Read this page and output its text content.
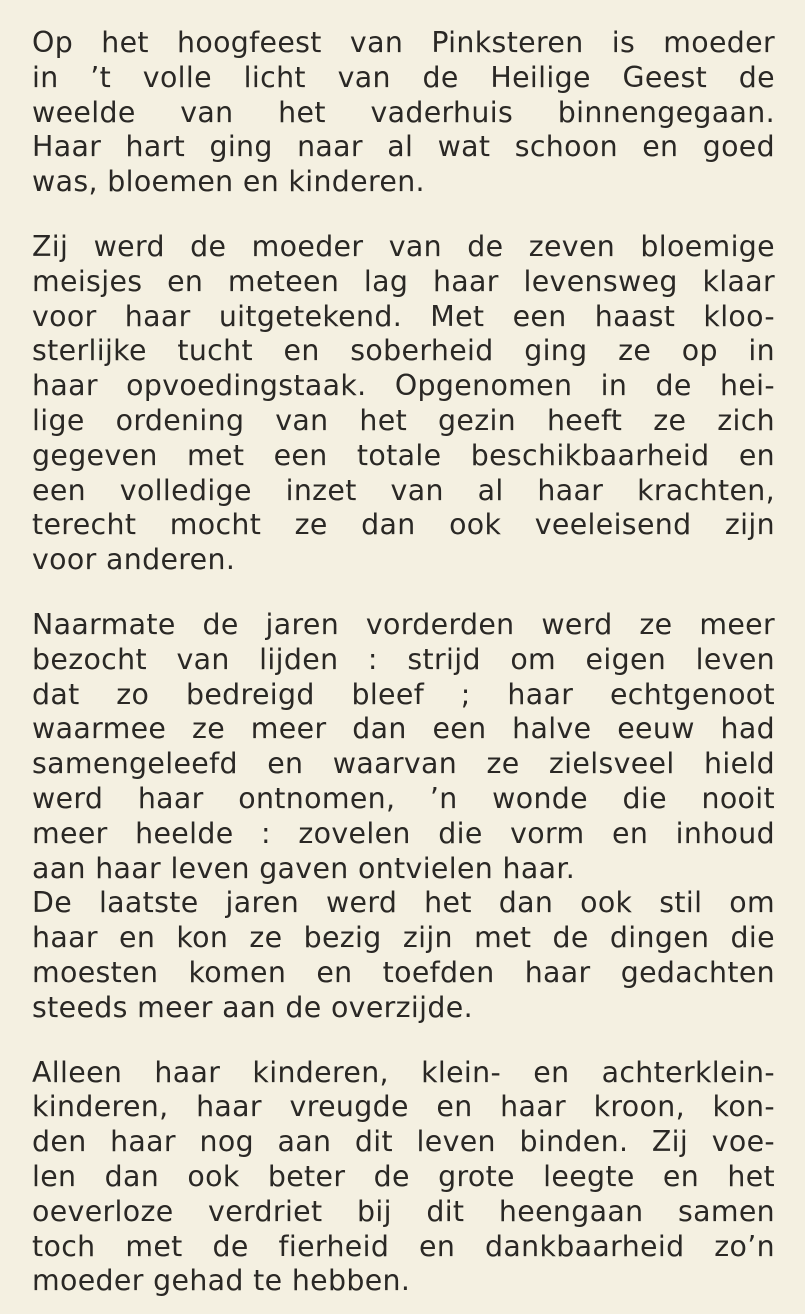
Op het hoogfeest van Pinksteren is moeder
in ’t volle licht van de Heilige Geest de
weelde van het vaderhuis binnengegaan.
Haar hart ging naar al wat schoon en goed
was, bloemen en kinderen.

Zij werd de moeder van de zeven bloemige
meisjes en meteen lag haar levensweg klaar
voor haar uitgetekend. Met een haast kloo-
sterlijke tucht en soberheid ging ze op in
haar opvoedingstaak. Opgenomen in de hei-
lige ordening van het gezin heeft ze zich
gegeven met een totale beschikbaarheid en
een volledige inzet van al haar krachten,
terecht mocht ze dan ook veeleisend zijn
voor anderen.

Naarmate de jaren vorderden werd ze meer
bezocht van lijden : strijd om eigen leven
dat zo bedreigd bleef ; haar echtgenoot
waarmee ze meer dan een halve eeuw had
samengeleefd en waarvan ze zielsveel hield
werd haar ontnomen, ’n wonde die nooit
meer heelde : zovelen die vorm en inhoud
aan haar leven gaven ontvielen haar.
De laatste jaren werd het dan ook stil om
haar en kon ze bezig zijn met de dingen die
moesten komen en toefden haar gedachten
steeds meer aan de overzijde.

Alleen haar kinderen, klein- en achterklein-
kinderen, haar vreugde en haar kroon, kon-
den haar nog aan dit leven binden. Zij voe-
len dan ook beter de grote leegte en het
oeverloze verdriet bij dit heengaan samen
toch met de fierheid en dankbaarheid zo’n
moeder gehad te hebben.
